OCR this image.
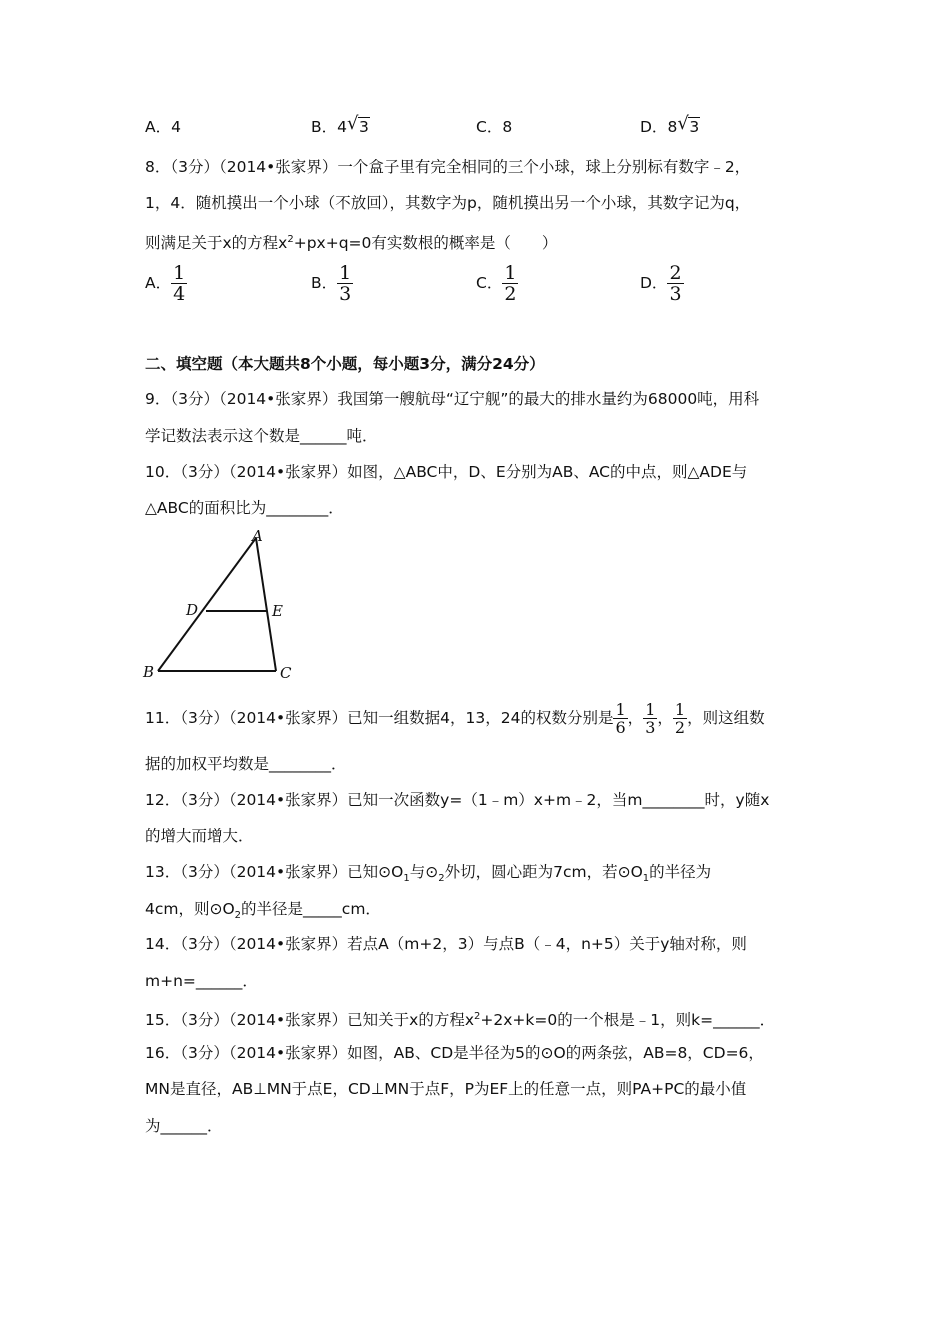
A．4	B．4 √ 3	C．8	D．8 √ 3
8．（3分）（2014•张家界）一个盒子里有完全相同的三个小球，球上分别标有数字﹣2，
1，4．随机摸出一个小球（不放回），其数字为p，随机摸出另一个小球，其数字记为q，
则满足关于x的方程$x^2+px+q=0$有实数根的概率是（　　）
A． $\frac{1}{4}$	B． $\frac{1}{3}$	C． $\frac{1}{2}$	D． $\frac{2}{3}$
二、填空题（本大题共8个小题，每小题3分，满分24分）
9．（3分）（2014•张家界）我国第一艘航母“辽宁舰”的最大的排水量约为68000吨，用科
学记数法表示这个数是______吨．
10．（3分）（2014•张家界）如图，△ABC中，D、E分别为AB、AC的中点，则△ADE与
△ABC的面积比为________．
A
B	C
D	E
11．（3分）（2014•张家界）已知一组数据4，13，24的权数分别是 $\frac{1}{6}$ ， $\frac{1}{3}$ ， $\frac{1}{2}$ ，则这组数
据的加权平均数是________．
12．（3分）（2014•张家界）已知一次函数y=（1﹣m）x+m﹣2，当m________时，y随x
的增大而增大．
13．（3分）（2014•张家界）已知$⊙O_1$与$⊙_2$外切，圆心距为7cm，若$⊙O_1$的半径为
4cm，则$⊙O_2$的半径是_____cm．
14．（3分）（2014•张家界）若点A（m+2，3）与点B（﹣4，n+5）关于y轴对称，则
m+n=______．
15．（3分）（2014•张家界）已知关于x的方程$x^2+2x+k=0$的一个根是﹣1，则k=______．
16．（3分）（2014•张家界）如图，AB、CD是半径为5的⊙O的两条弦，AB=8，CD=6，
MN是直径，AB⊥MN于点E，CD⊥MN于点F，P为EF上的任意一点，则PA+PC的最小值
为______．
